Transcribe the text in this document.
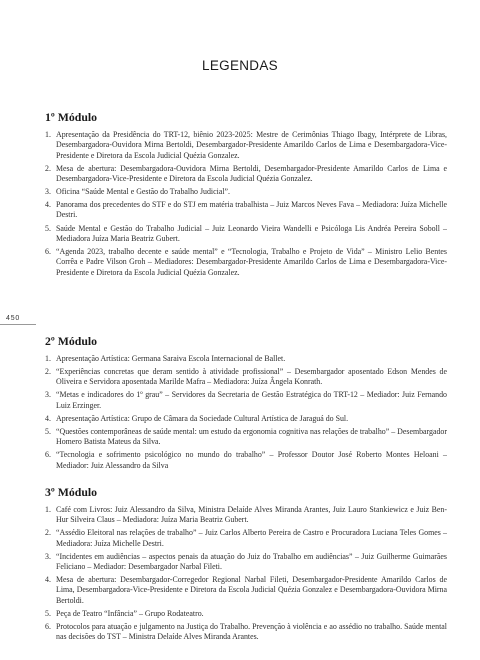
LEGENDAS
450
1º Módulo
1. Apresentação da Presidência do TRT-12, biênio 2023-2025: Mestre de Cerimônias Thiago Ibagy, Intérprete de Libras, Desembargadora-Ouvidora Mirna Bertoldi, Desembargador-Presidente Amarildo Carlos de Lima e Desembargadora-Vice-Presidente e Diretora da Escola Judicial Quézia Gonzalez.
2. Mesa de abertura: Desembargadora-Ouvidora Mirna Bertoldi, Desembargador-Presidente Amarildo Carlos de Lima e Desembargadora-Vice-Presidente e Diretora da Escola Judicial Quézia Gonzalez.
3. Oficina “Saúde Mental e Gestão do Trabalho Judicial”.
4. Panorama dos precedentes do STF e do STJ em matéria trabalhista – Juiz Marcos Neves Fava – Mediadora: Juíza Michelle Destri.
5. Saúde Mental e Gestão do Trabalho Judicial – Juiz Leonardo Vieira Wandelli e Psicóloga Lis Andréa Pereira Soboll – Mediadora Juíza Maria Beatriz Gubert.
6. “Agenda 2023, trabalho decente e saúde mental” e “Tecnologia, Trabalho e Projeto de Vida” – Ministro Lelio Bentes Corrêa e Padre Vilson Groh – Mediadores: Desembargador-Presidente Amarildo Carlos de Lima e Desembargadora-Vice-Presidente e Diretora da Escola Judicial Quézia Gonzalez.
2º Módulo
1. Apresentação Artística: Germana Saraiva Escola Internacional de Ballet.
2. “Experiências concretas que deram sentido à atividade profissional” – Desembargador aposentado Edson Mendes de Oliveira e Servidora aposentada Marilde Mafra – Mediadora: Juíza Ângela Konrath.
3. “Metas e indicadores do 1º grau” – Servidores da Secretaria de Gestão Estratégica do TRT-12 – Mediador: Juiz Fernando Luiz Erzinger.
4. Apresentação Artística: Grupo de Câmara da Sociedade Cultural Artística de Jaraguá do Sul.
5. “Questões contemporâneas de saúde mental: um estudo da ergonomia cognitiva nas relações de trabalho” – Desembargador Homero Batista Mateus da Silva.
6. “Tecnologia e sofrimento psicológico no mundo do trabalho” – Professor Doutor José Roberto Montes Heloani – Mediador: Juiz Alessandro da Silva
3º Módulo
1. Café com Livros: Juiz Alessandro da Silva, Ministra Delaíde Alves Miranda Arantes, Juiz Lauro Stankiewicz e Juiz Ben-Hur Silveira Claus – Mediadora: Juíza Maria Beatriz Gubert.
2. “Assédio Eleitoral nas relações de trabalho” – Juiz Carlos Alberto Pereira de Castro e Procuradora Luciana Teles Gomes – Mediadora: Juíza Michelle Destri.
3. “Incidentes em audiências – aspectos penais da atuação do Juiz do Trabalho em audiências” – Juiz Guilherme Guimarães Feliciano – Mediador: Desembargador Narbal Fileti.
4. Mesa de abertura: Desembargador-Corregedor Regional Narbal Fileti, Desembargador-Presidente Amarildo Carlos de Lima, Desembargadora-Vice-Presidente e Diretora da Escola Judicial Quézia Gonzalez e Desembargadora-Ouvidora Mirna Bertoldi.
5. Peça de Teatro “Infância” – Grupo Rodateatro.
6. Protocolos para atuação e julgamento na Justiça do Trabalho. Prevenção à violência e ao assédio no trabalho. Saúde mental nas decisões do TST – Ministra Delaíde Alves Miranda Arantes.
